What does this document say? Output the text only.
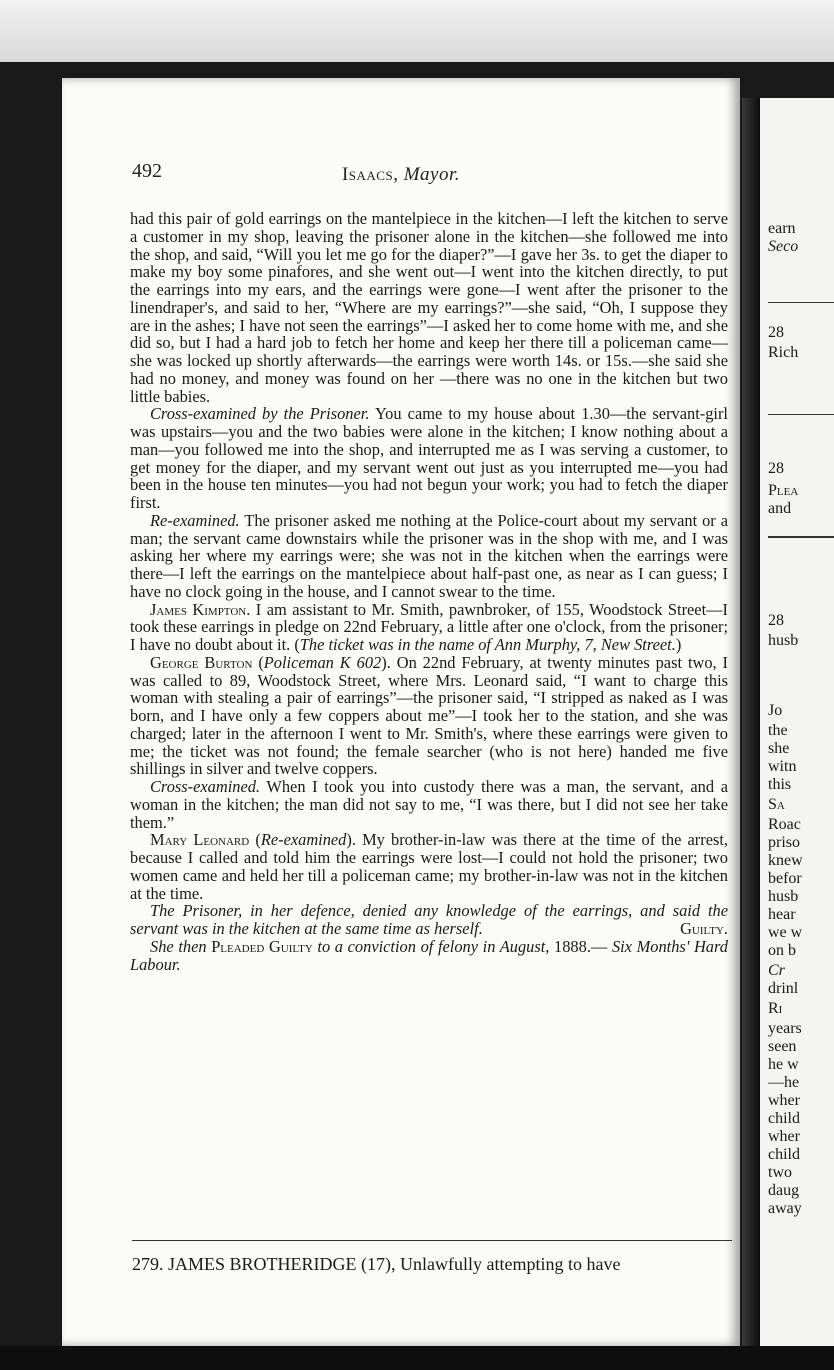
492	Isaacs, Mayor.

had this pair of gold earrings on the mantelpiece in the kitchen—I left the kitchen to serve a customer in my shop, leaving the prisoner alone in the kitchen—she followed me into the shop, and said, “Will you let me go for the diaper?”—I gave her 3s. to get the diaper to make my boy some pinafores, and she went out—I went into the kitchen directly, to put the earrings into my ears, and the earrings were gone—I went after the prisoner to the linendraper's, and said to her, “Where are my earrings?”—she said, “Oh, I suppose they are in the ashes; I have not seen the earrings”—I asked her to come home with me, and she did so, but I had a hard job to fetch her home and keep her there till a policeman came—she was locked up shortly afterwards—the earrings were worth 14s. or 15s.—she said she had no money, and money was found on her —there was no one in the kitchen but two little babies.

Cross-examined by the Prisoner. You came to my house about 1.30—the servant-girl was upstairs—you and the two babies were alone in the kitchen; I know nothing about a man—you followed me into the shop, and interrupted me as I was serving a customer, to get money for the diaper, and my servant went out just as you interrupted me—you had been in the house ten minutes—you had not begun your work; you had to fetch the diaper first.

Re-examined. The prisoner asked me nothing at the Police-court about my servant or a man; the servant came downstairs while the prisoner was in the shop with me, and I was asking her where my earrings were; she was not in the kitchen when the earrings were there—I left the earrings on the mantelpiece about half-past one, as near as I can guess; I have no clock going in the house, and I cannot swear to the time.

James Kimpton. I am assistant to Mr. Smith, pawnbroker, of 155, Woodstock Street—I took these earrings in pledge on 22nd February, a little after one o'clock, from the prisoner; I have no doubt about it. (The ticket was in the name of Ann Murphy, 7, New Street.)

George Burton (Policeman K 602). On 22nd February, at twenty minutes past two, I was called to 89, Woodstock Street, where Mrs. Leonard said, “I want to charge this woman with stealing a pair of earrings”—the prisoner said, “I stripped as naked as I was born, and I have only a few coppers about me”—I took her to the station, and she was charged; later in the afternoon I went to Mr. Smith's, where these earrings were given to me; the ticket was not found; the female searcher (who is not here) handed me five shillings in silver and twelve coppers.

Cross-examined. When I took you into custody there was a man, the servant, and a woman in the kitchen; the man did not say to me, “I was there, but I did not see her take them.”

Mary Leonard (Re-examined). My brother-in-law was there at the time of the arrest, because I called and told him the earrings were lost—I could not hold the prisoner; two women came and held her till a policeman came; my brother-in-law was not in the kitchen at the time.

The Prisoner, in her defence, denied any knowledge of the earrings, and said the servant was in the kitchen at the same time as herself.	Guilty.

She then Pleaded Guilty to a conviction of felony in August, 1888.— Six Months' Hard Labour.

279. JAMES BROTHERIDGE (17), Unlawfully attempting to have
earn
Seco
28
Rich
28
Plea
and
28
husb
Jo
the
she
witn
this
Sa
Roac
priso
knew
befor
husb
hear
we w
on b
Cr
drinl
Ri
years
seen
he w
—he
wher
child
wher
child
two
daug
away
